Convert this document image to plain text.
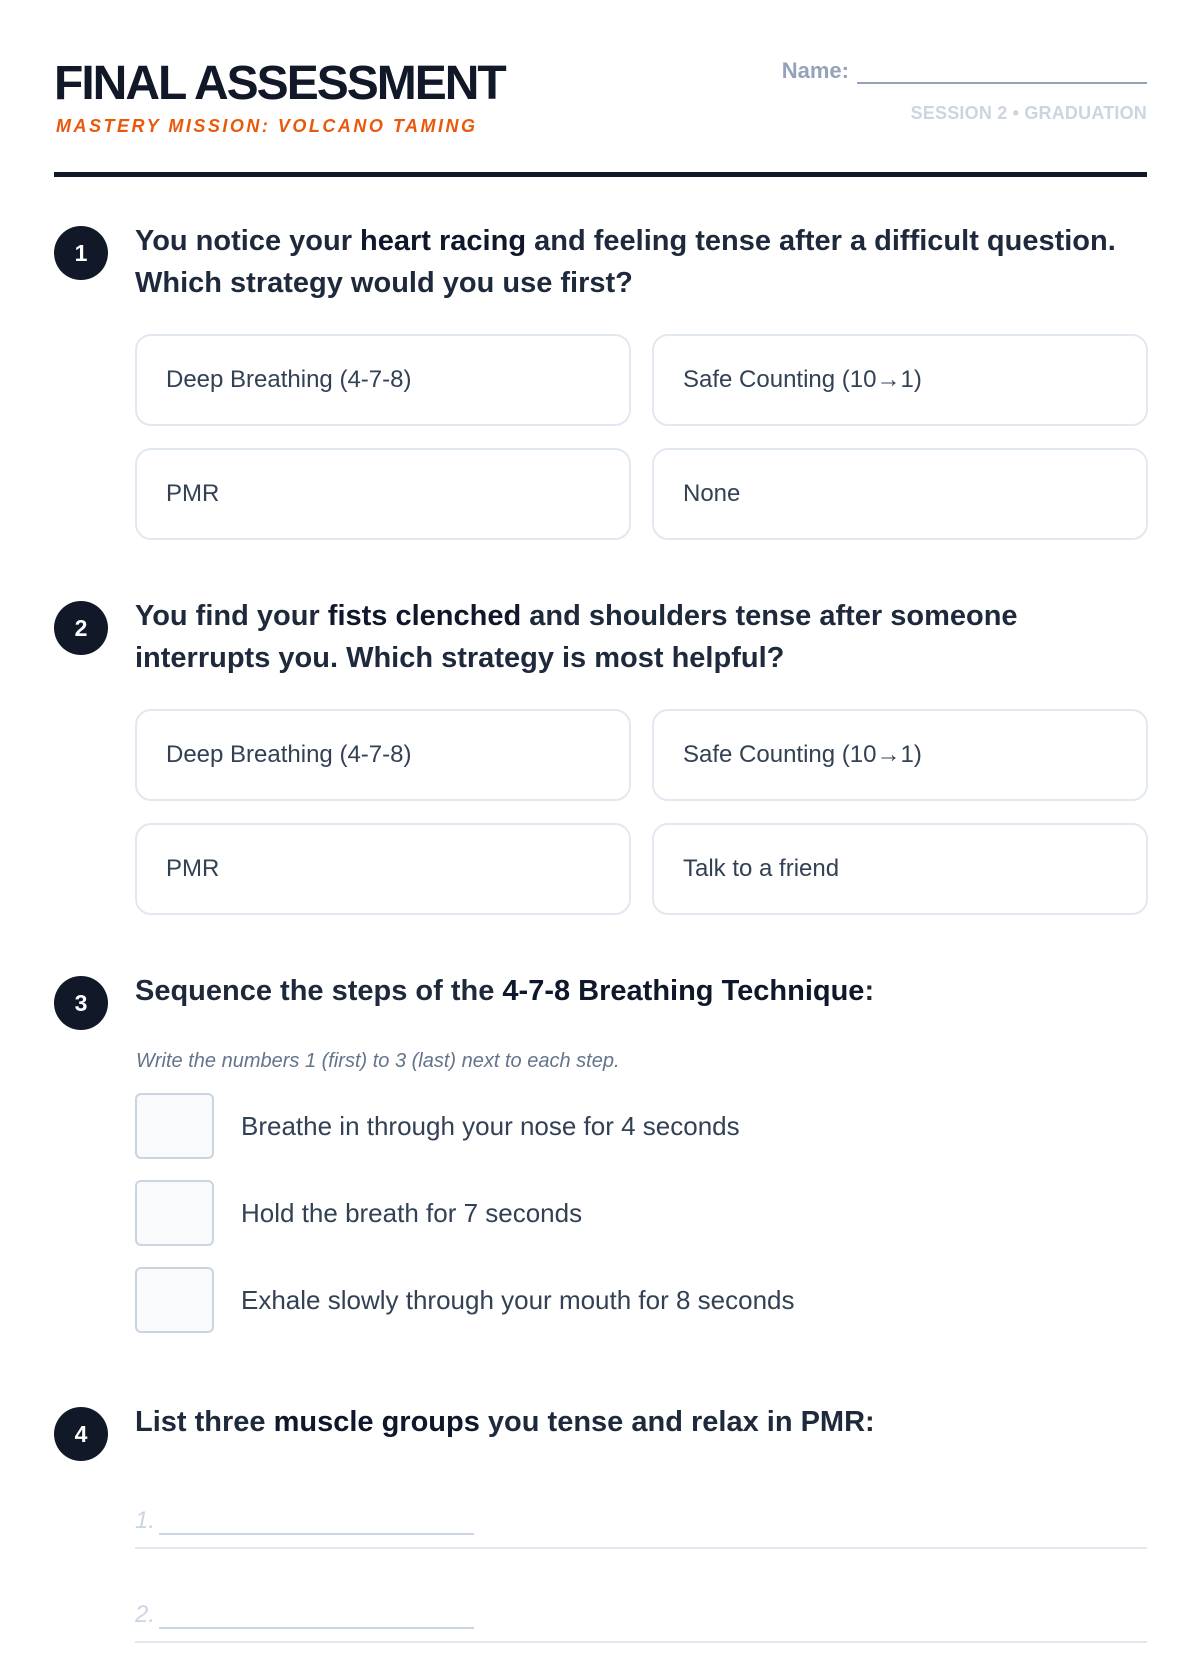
FINAL ASSESSMENT
MASTERY MISSION: VOLCANO TAMING
Name:
SESSION 2 • GRADUATION
1	You notice your heart racing and feeling tense after a difficult question. Which strategy would you use first?

Deep Breathing (4-7-8)	Safe Counting (10→1)
PMR	None
2	You find your fists clenched and shoulders tense after someone interrupts you. Which strategy is most helpful?

Deep Breathing (4-7-8)	Safe Counting (10→1)
PMR	Talk to a friend
3	Sequence the steps of the 4-7-8 Breathing Technique:

Write the numbers 1 (first) to 3 (last) next to each step.
Breathe in through your nose for 4 seconds
Hold the breath for 7 seconds
Exhale slowly through your mouth for 8 seconds
4	List three muscle groups you tense and relax in PMR:

1.
2.
